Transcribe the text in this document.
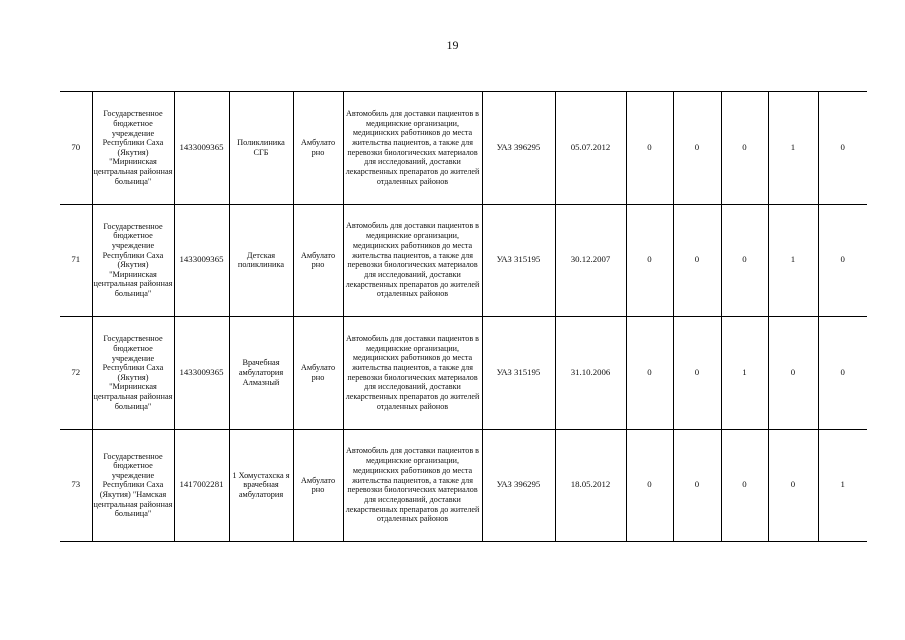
19
70	Государственное бюджетное учреждение Республики Саха (Якутия) "Мирнинская центральная районная больница"	1433009365	Поликлиника СГБ	Амбулато рно	Автомобиль для доставки пациентов в медицинские организации, медицинских работников до места жительства пациентов, а также для перевозки биологических материалов для исследований, доставки лекарственных препаратов до жителей отдаленных районов	УАЗ 396295	05.07.2012	0	0	0	1	0
71	Государственное бюджетное учреждение Республики Саха (Якутия) "Мирнинская центральная районная больница"	1433009365	Детская поликлиника	Амбулато рно	Автомобиль для доставки пациентов в медицинские организации, медицинских работников до места жительства пациентов, а также для перевозки биологических материалов для исследований, доставки лекарственных препаратов до жителей отдаленных районов	УАЗ 315195	30.12.2007	0	0	0	1	0
72	Государственное бюджетное учреждение Республики Саха (Якутия) "Мирнинская центральная районная больница"	1433009365	Врачебная амбулатория Алмазный	Амбулато рно	Автомобиль для доставки пациентов в медицинские организации, медицинских работников до места жительства пациентов, а также для перевозки биологических материалов для исследований, доставки лекарственных препаратов до жителей отдаленных районов	УАЗ 315195	31.10.2006	0	0	1	0	0
73	Государственное бюджетное учреждение Республики Саха (Якутия) "Намская центральная районная больница"	1417002281	1 Хомустахска я врачебная амбулатория	Амбулато рно	Автомобиль для доставки пациентов в медицинские организации, медицинских работников до места жительства пациентов, а также для перевозки биологических материалов для исследований, доставки лекарственных препаратов до жителей отдаленных районов	УАЗ 396295	18.05.2012	0	0	0	0	1
